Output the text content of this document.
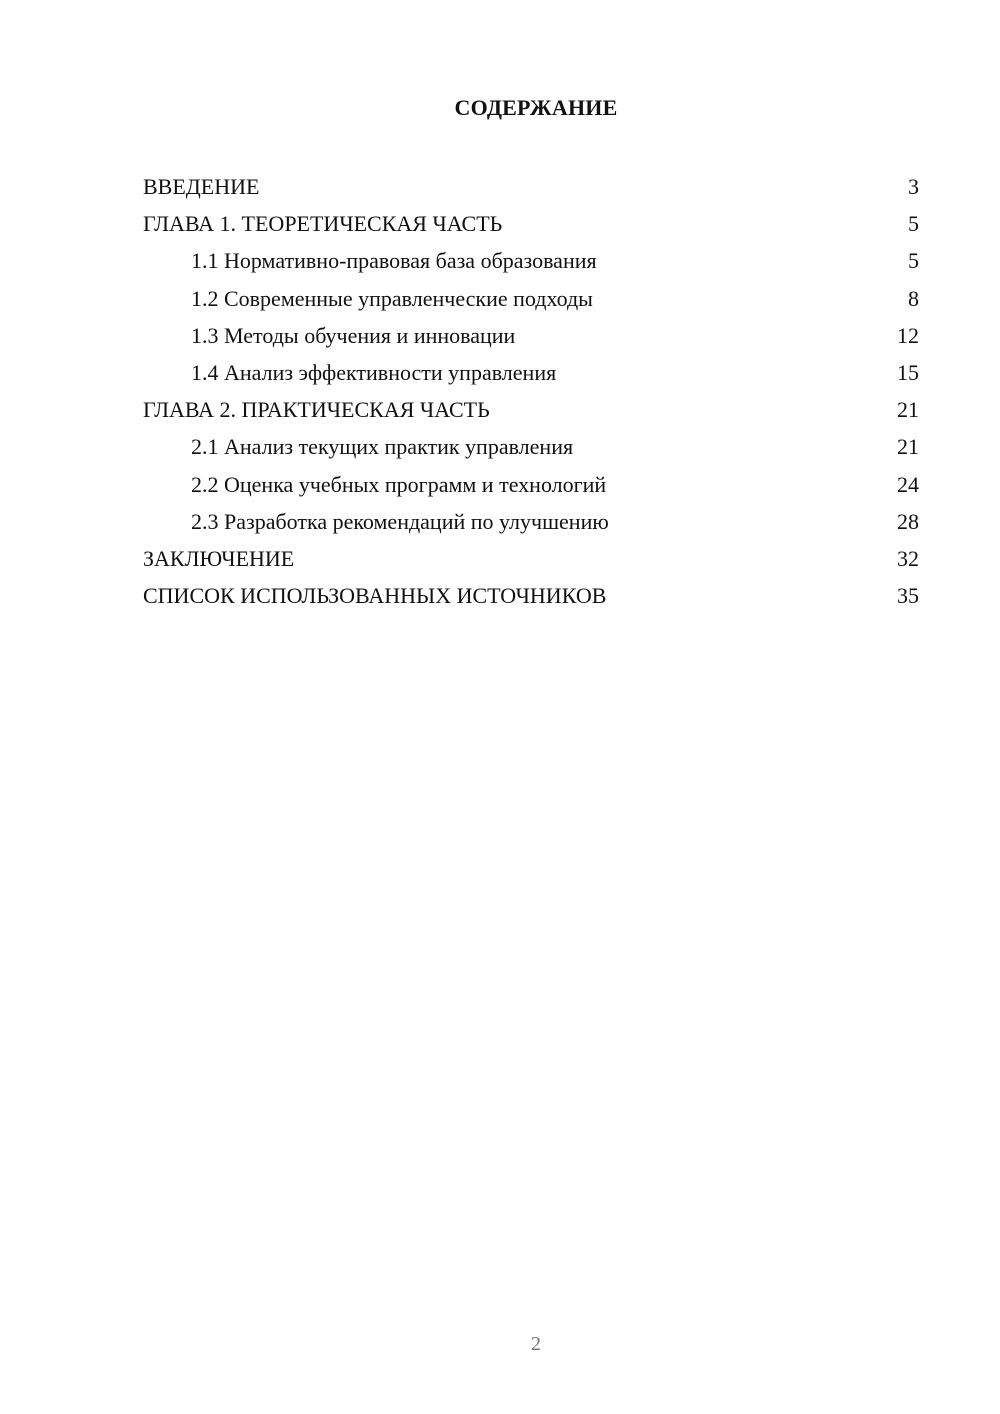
СОДЕРЖАНИЕ
ВВЕДЕНИЕ	3
ГЛАВА 1. ТЕОРЕТИЧЕСКАЯ ЧАСТЬ	5
1.1 Нормативно-правовая база образования	5
1.2 Современные управленческие подходы	8
1.3 Методы обучения и инновации	12
1.4 Анализ эффективности управления	15
ГЛАВА 2. ПРАКТИЧЕСКАЯ ЧАСТЬ	21
2.1 Анализ текущих практик управления	21
2.2 Оценка учебных программ и технологий	24
2.3 Разработка рекомендаций по улучшению	28
ЗАКЛЮЧЕНИЕ	32
СПИСОК ИСПОЛЬЗОВАННЫХ ИСТОЧНИКОВ	35
2
